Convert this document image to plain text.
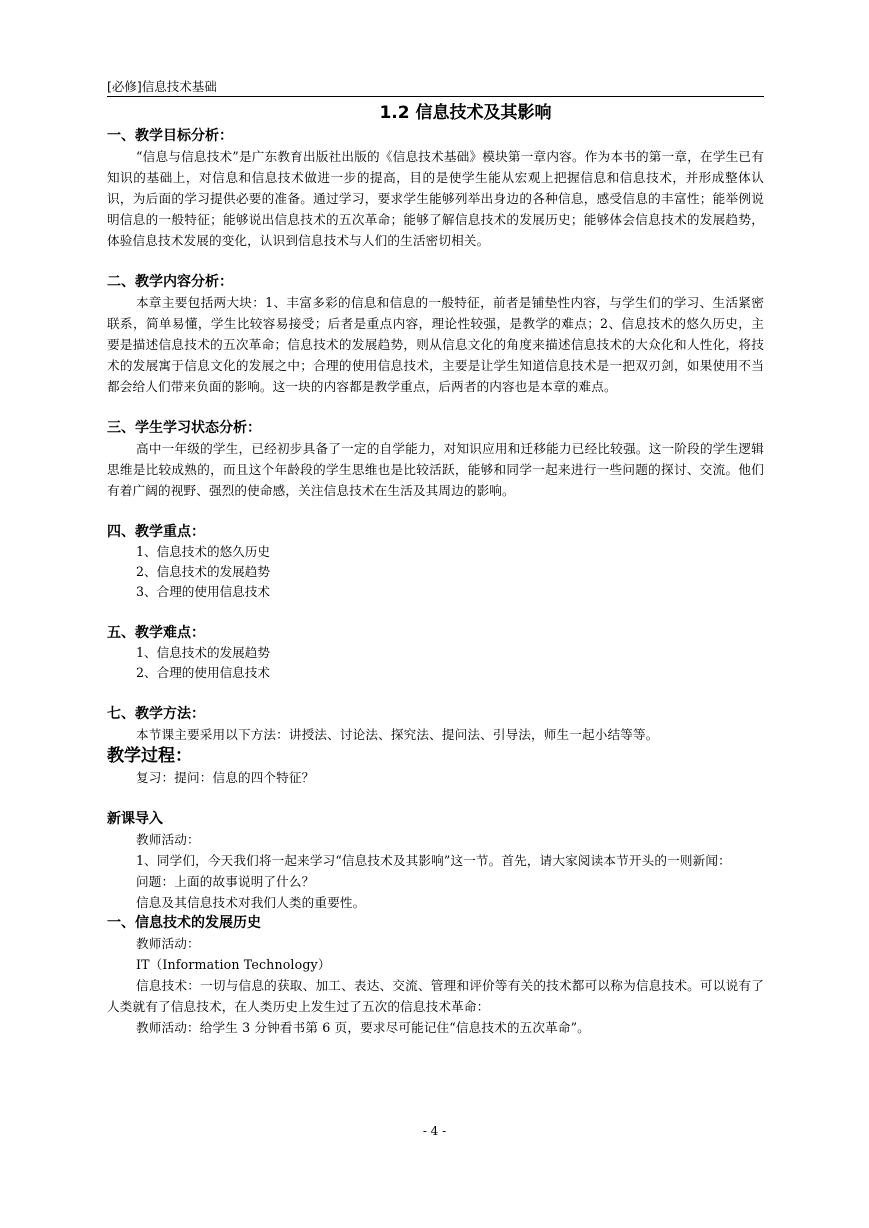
[必修]信息技术基础
1.2 信息技术及其影响
一、教学目标分析：
“信息与信息技术”是广东教育出版社出版的《信息技术基础》模块第一章内容。作为本书的第一章，在学生已有知识的基础上，对信息和信息技术做进一步的提高，目的是使学生能从宏观上把握信息和信息技术，并形成整体认识，为后面的学习提供必要的准备。通过学习，要求学生能够列举出身边的各种信息，感受信息的丰富性；能举例说明信息的一般特征；能够说出信息技术的五次革命；能够了解信息技术的发展历史；能够体会信息技术的发展趋势，体验信息技术发展的变化，认识到信息技术与人们的生活密切相关。
二、教学内容分析：
本章主要包括两大块：1、丰富多彩的信息和信息的一般特征，前者是铺垫性内容，与学生们的学习、生活紧密联系，简单易懂，学生比较容易接受；后者是重点内容，理论性较强，是教学的难点；2、信息技术的悠久历史，主要是描述信息技术的五次革命；信息技术的发展趋势，则从信息文化的角度来描述信息技术的大众化和人性化，将技术的发展寓于信息文化的发展之中；合理的使用信息技术，主要是让学生知道信息技术是一把双刃剑，如果使用不当都会给人们带来负面的影响。这一块的内容都是教学重点，后两者的内容也是本章的难点。
三、学生学习状态分析：
高中一年级的学生，已经初步具备了一定的自学能力，对知识应用和迁移能力已经比较强。这一阶段的学生逻辑思维是比较成熟的，而且这个年龄段的学生思维也是比较活跃，能够和同学一起来进行一些问题的探讨、交流。他们有着广阔的视野、强烈的使命感，关注信息技术在生活及其周边的影响。
四、教学重点：
1、信息技术的悠久历史
2、信息技术的发展趋势
3、合理的使用信息技术
五、教学难点：
1、信息技术的发展趋势
2、合理的使用信息技术
七、教学方法：
本节课主要采用以下方法：讲授法、讨论法、探究法、提问法、引导法，师生一起小结等等。
教学过程：
复习：提问：信息的四个特征？
新课导入
教师活动：
1、同学们，今天我们将一起来学习“信息技术及其影响”这一节。首先，请大家阅读本节开头的一则新闻：
问题：上面的故事说明了什么？
信息及其信息技术对我们人类的重要性。
一、信息技术的发展历史
教师活动：
IT（Information Technology）
信息技术：一切与信息的获取、加工、表达、交流、管理和评价等有关的技术都可以称为信息技术。可以说有了人类就有了信息技术，在人类历史上发生过了五次的信息技术革命：
教师活动：给学生 3 分钟看书第 6 页，要求尽可能记住“信息技术的五次革命”。
- 4 -
